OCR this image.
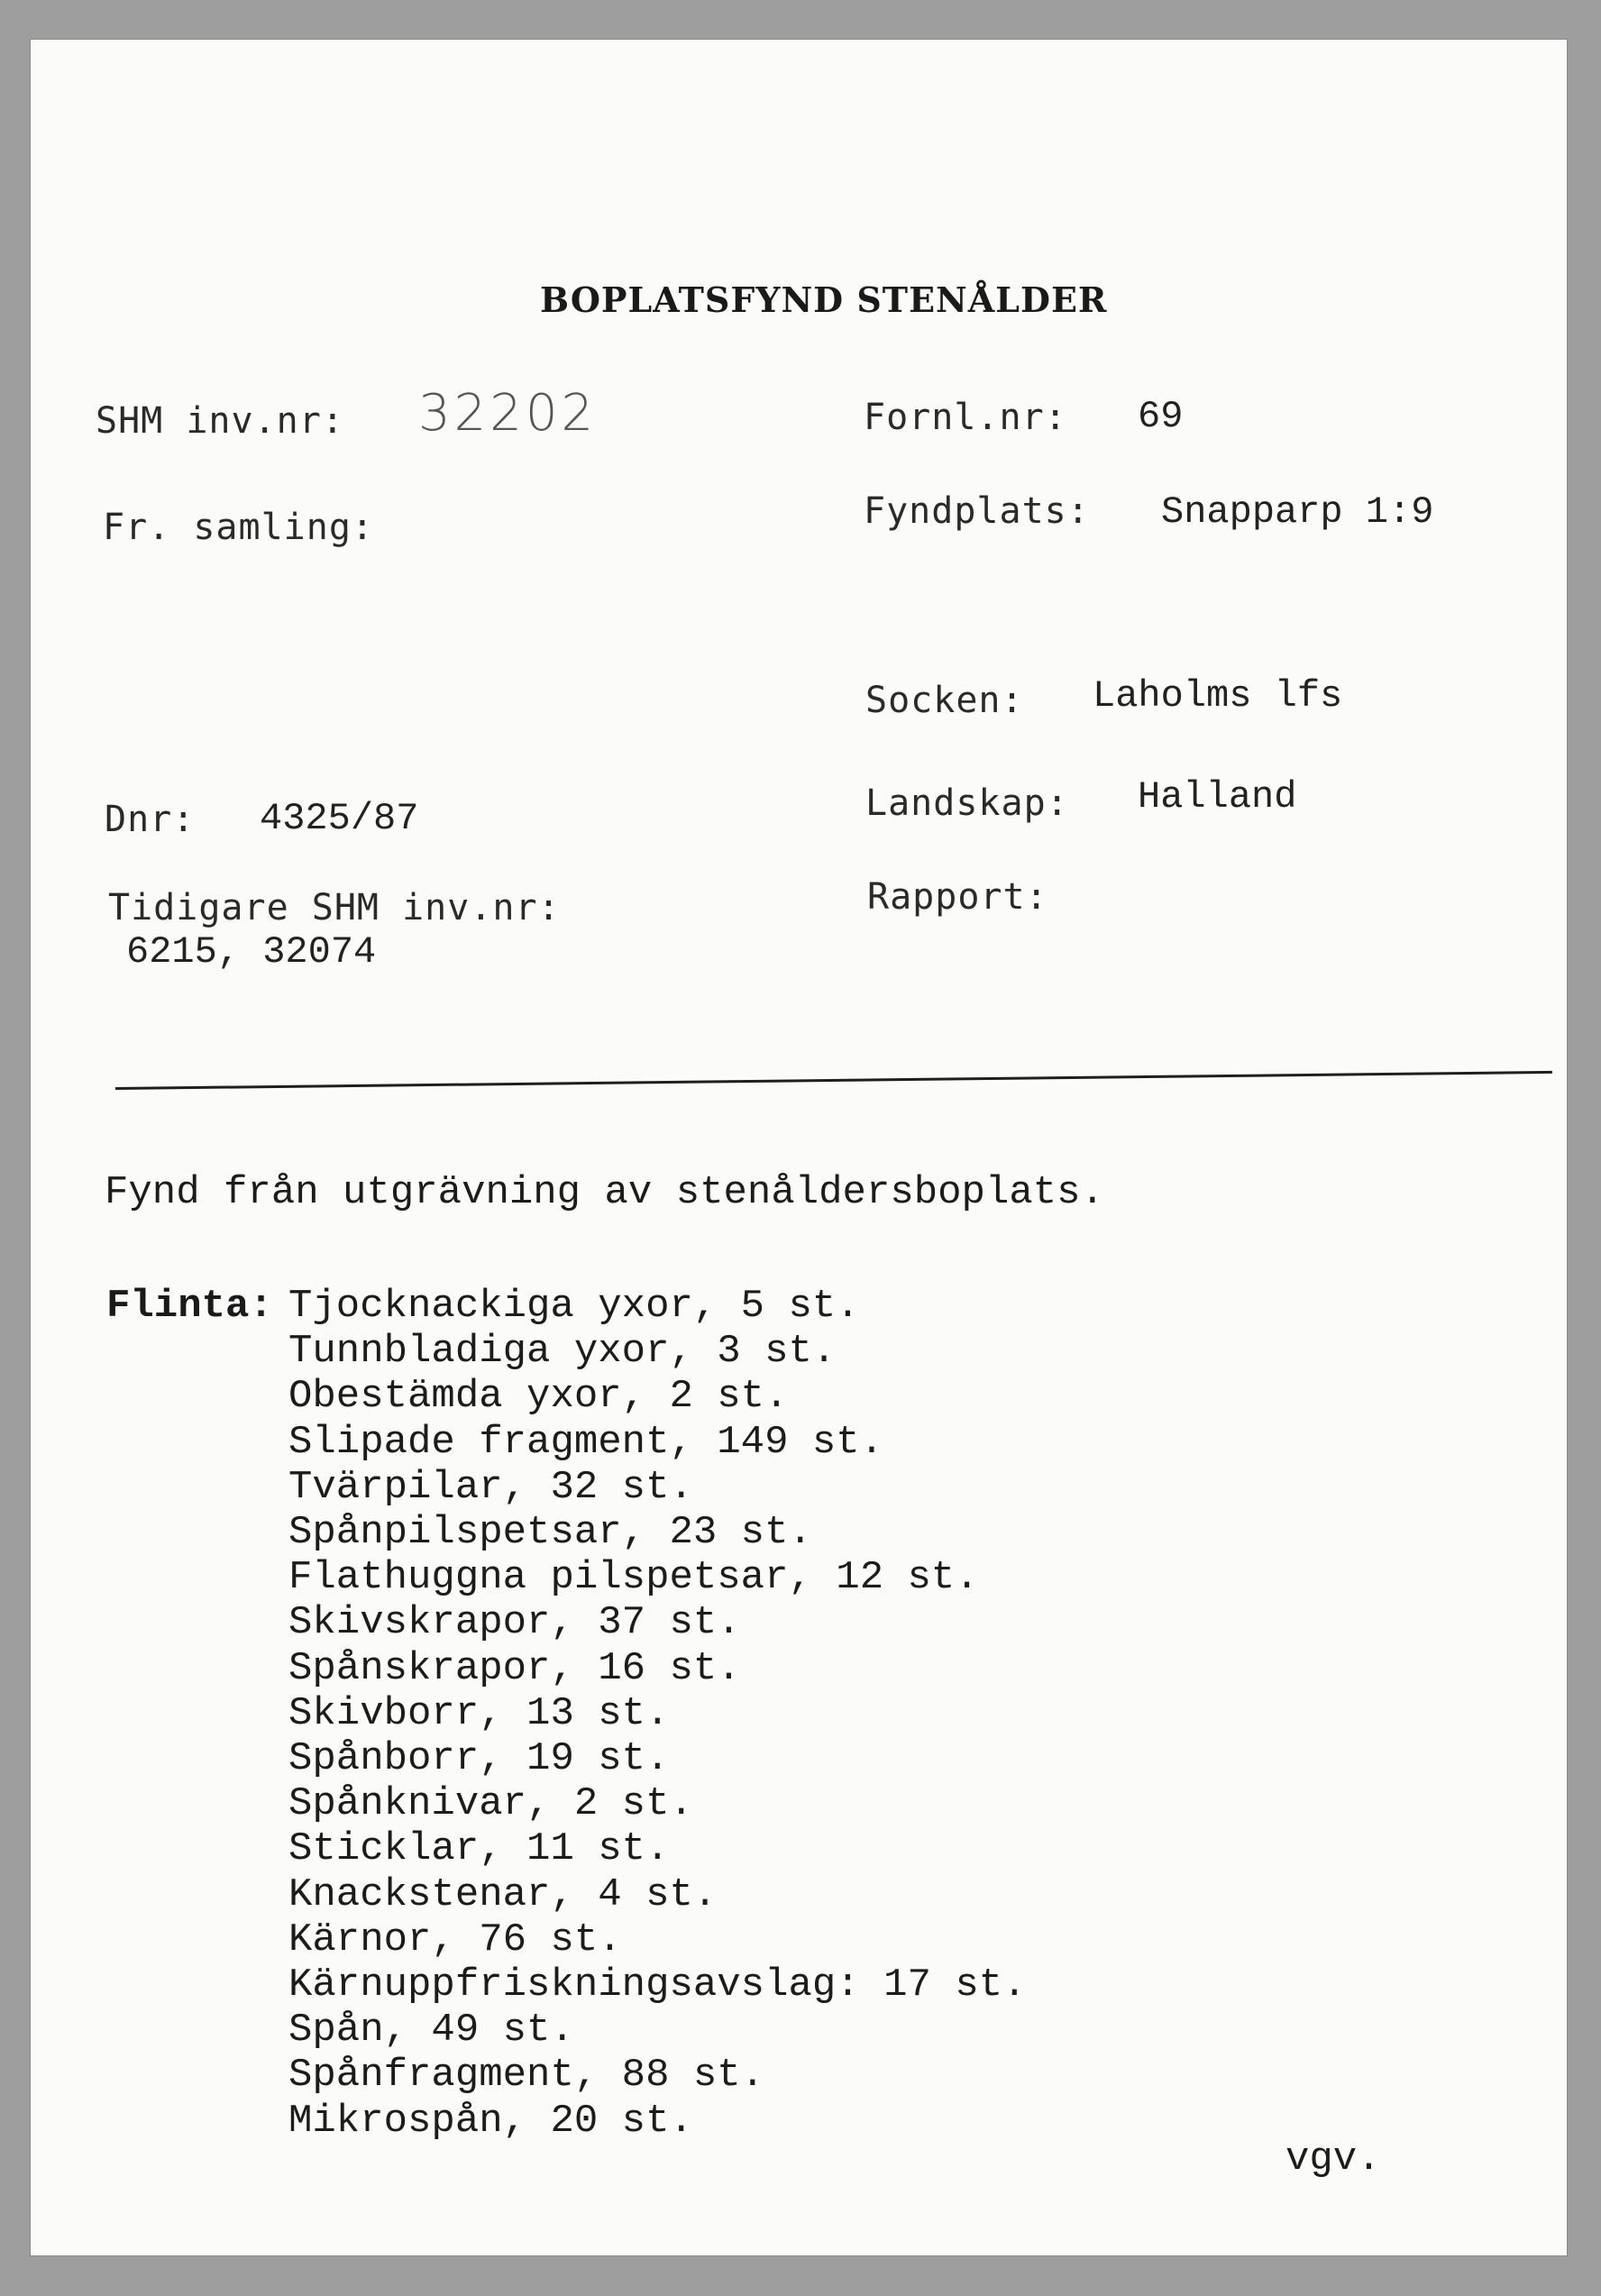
BOPLATSFYND STENÅLDER
SHM inv.nr: 32202
Fr. samling:
Dnr: 4325/87
Tidigare SHM inv.nr:
6215, 32074
Fornl.nr: 69
Fyndplats: Snapparp 1:9
Socken: Laholms lfs
Landskap: Halland
Rapport:
Fynd från utgrävning av stenåldersboplats.
Flinta: Tjocknackiga yxor, 5 st.
Tunnbladiga yxor, 3 st.
Obestämda yxor, 2 st.
Slipade fragment, 149 st.
Tvärpilar, 32 st.
Spånpilspetsar, 23 st.
Flathuggna pilspetsar, 12 st.
Skivskrapor, 37 st.
Spånskrapor, 16 st.
Skivborr, 13 st.
Spånborr, 19 st.
Spånknivar, 2 st.
Sticklar, 11 st.
Knackstenar, 4 st.
Kärnor, 76 st.
Kärnuppfriskningsavslag: 17 st.
Spån, 49 st.
Spånfragment, 88 st.
Mikrospån, 20 st.
vgv.
